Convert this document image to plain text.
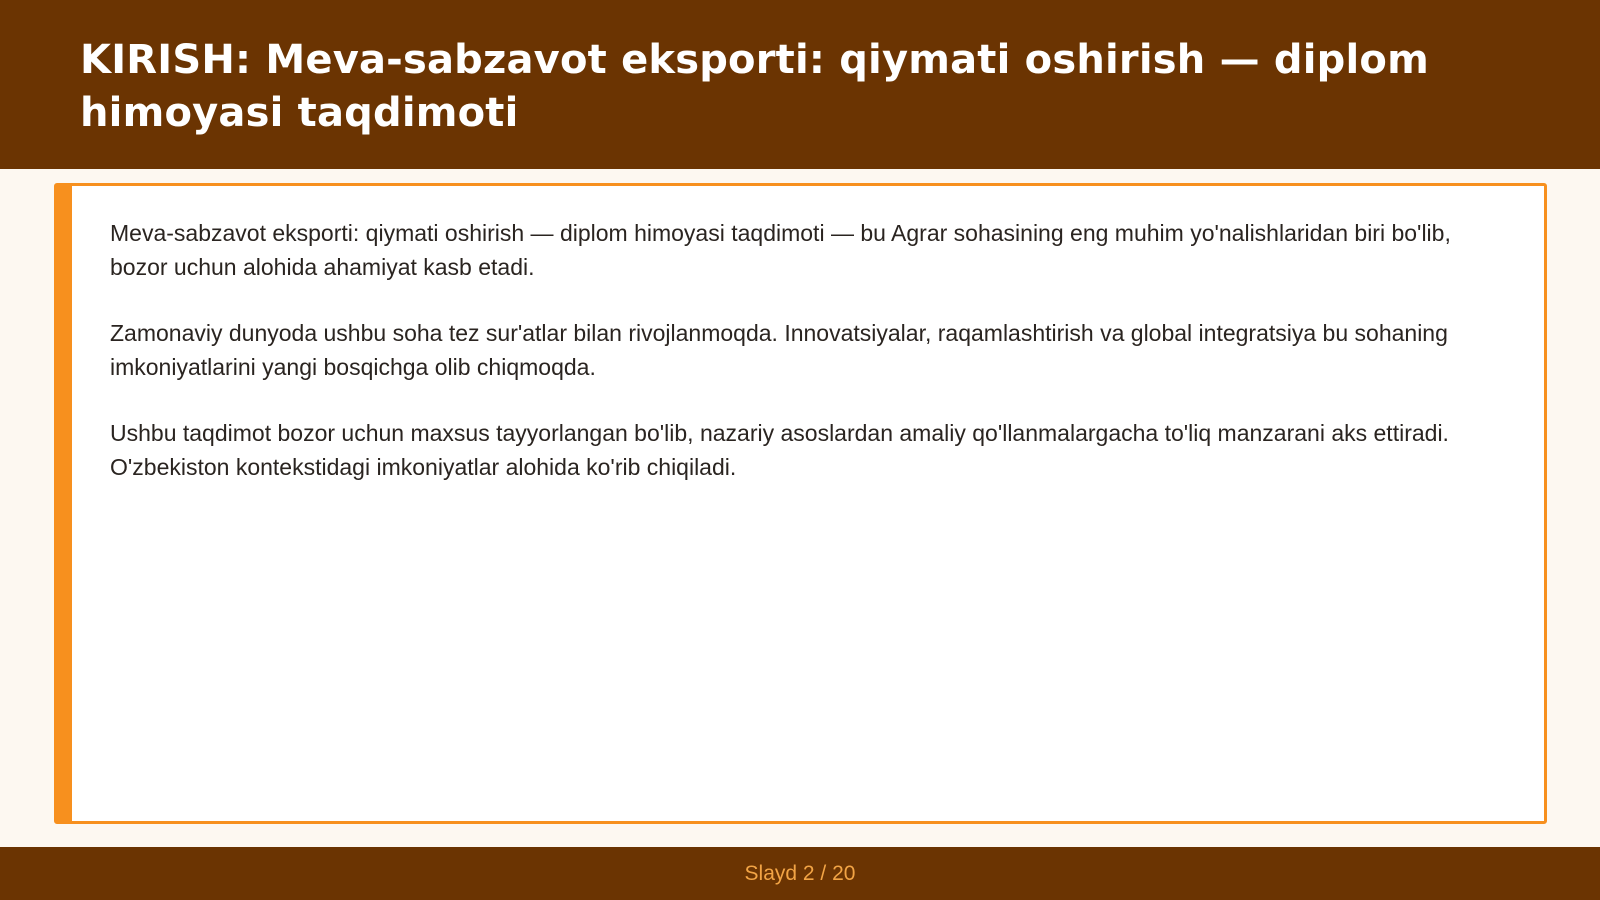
KIRISH: Meva-sabzavot eksporti: qiymati oshirish — diplom himoyasi taqdimoti

Meva-sabzavot eksporti: qiymati oshirish — diplom himoyasi taqdimoti — bu Agrar sohasining eng muhim yo'nalishlaridan biri bo'lib, bozor uchun alohida ahamiyat kasb etadi.

Zamonaviy dunyoda ushbu soha tez sur'atlar bilan rivojlanmoqda. Innovatsiyalar, raqamlashtirish va global integratsiya bu sohaning imkoniyatlarini yangi bosqichga olib chiqmoqda.

Ushbu taqdimot bozor uchun maxsus tayyorlangan bo'lib, nazariy asoslardan amaliy qo'llanmalargacha to'liq manzarani aks ettiradi. O'zbekiston kontekstidagi imkoniyatlar alohida ko'rib chiqiladi.

Slayd 2 / 20
